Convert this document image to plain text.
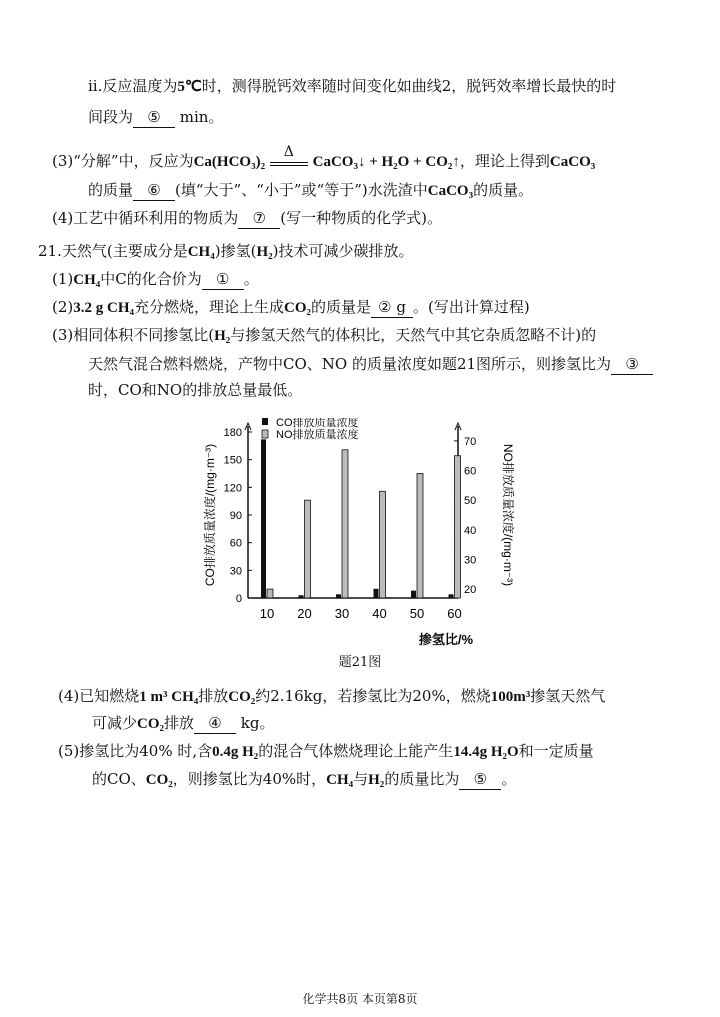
ii.反应温度为5℃时，测得脱钙效率随时间变化如曲线2，脱钙效率增长最快的时
间段为 ⑤ min。
(3)“分解”中，反应为Ca(HCO₃)₂
Δ
CaCO₃↓ + H₂O + CO₂↑，理论上得到CaCO₃
的质量 ⑥ (填“大于”、“小于”或“等于”)水洗渣中CaCO₃的质量。
(4)工艺中循环利用的物质为 ⑦ (写一种物质的化学式)。
21.天然气(主要成分是CH₄)掺氢(H₂)技术可减少碳排放。
(1)CH₄中C的化合价为 ① 。
(2)3.2 g CH₄充分燃烧，理论上生成CO₂的质量是 ② g 。(写出计算过程)
(3)相同体积不同掺氢比(H₂与掺氢天然气的体积比，天然气中其它杂质忽略不计)的
天然气混合燃料燃烧，产物中CO、NO 的质量浓度如题21图所示，则掺氢比为 ③
时，CO和NO的排放总量最低。
0
30
60
90
120
150
180
20
30
40
50
60
70
10 20 30 40 50 60
CO排放质量浓度
NO排放质量浓度
CO排放质量浓度/(mg·m⁻³)	NO排放质量浓度/(mg·m⁻³)
掺氢比/%
题21图
(4)已知燃烧1 m³ CH₄排放CO₂约2.16kg，若掺氢比为20%，燃烧100m³掺氢天然气
可减少CO₂排放 ④ kg。
(5)掺氢比为40% 时,含0.4g H₂的混合气体燃烧理论上能产生14.4g H₂O和一定质量
的CO、CO₂，则掺氢比为40%时，CH₄与H₂的质量比为 ⑤ 。
化学共8页 本页第8页
